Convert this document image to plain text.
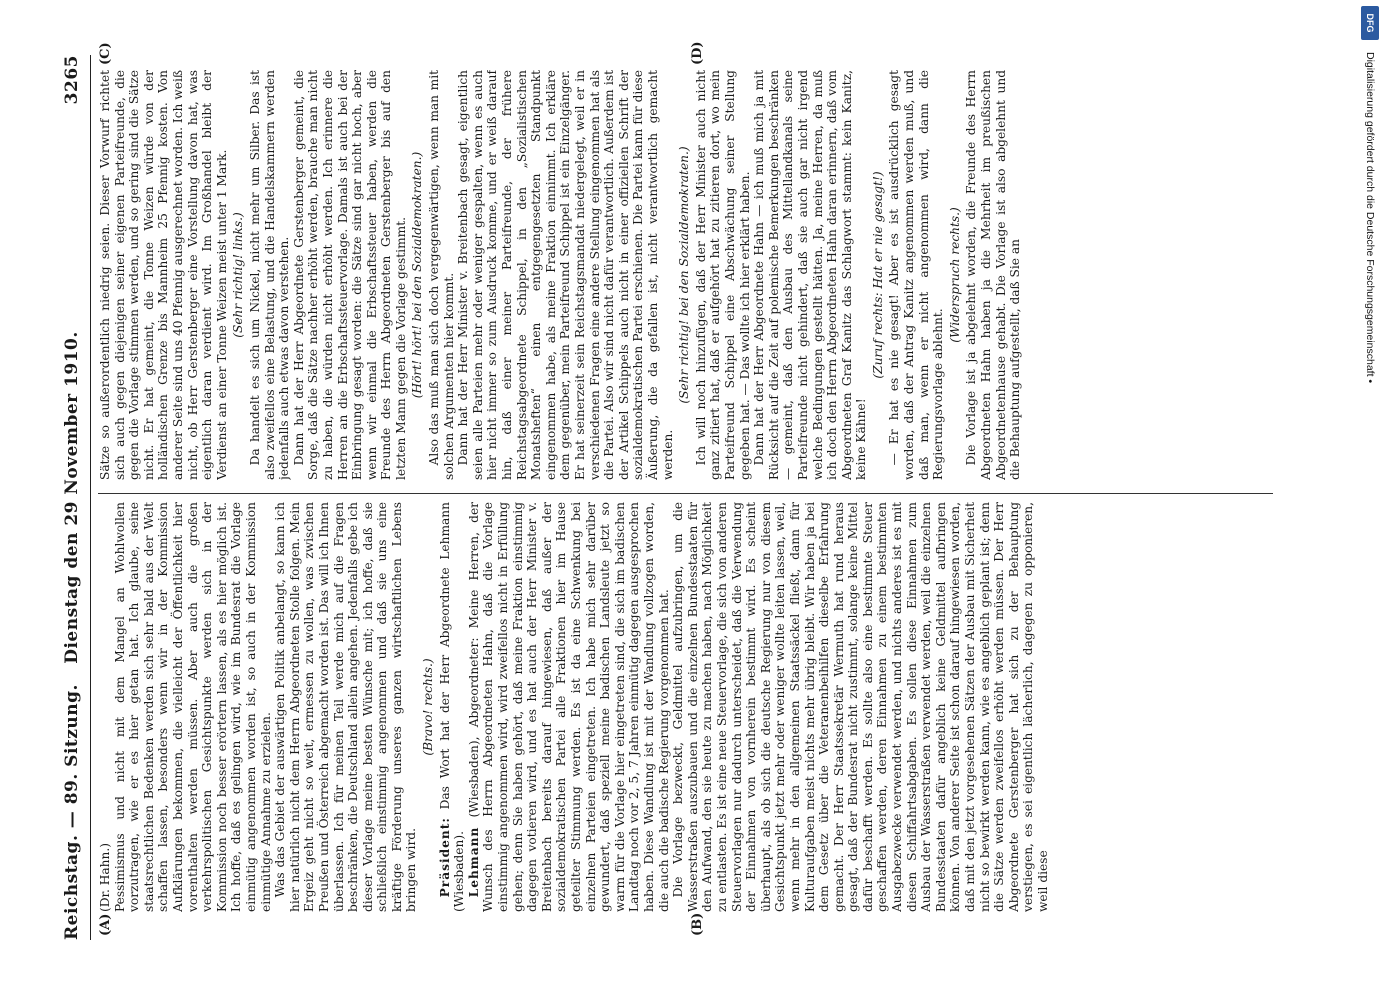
Reichstag. — 89. Sitzung.
Dienstag den 29 November 1910.
3265
(A)	(B)
(C)	(D)

(Dr. Hahn.) Pessimismus und nicht mit dem Mangel an Wohlwollen vorzutragen, wie er es hier getan hat. Ich glaube, seine staatsrechtlichen Bedenken werden sich sehr bald aus der Welt schaffen lassen, besonders wenn wir in der Kommission Aufklärungen bekommen, die vielleicht der Öffentlichkeit hier vorenthalten werden müssen. Aber auch die großen verkehrspolitischen Gesichtspunkte werden sich in der Kommission noch besser erörtern lassen, als es hier möglich ist. Ich hoffe, daß es gelingen wird, wie im Bundesrat die Vorlage einmütig angenommen worden ist, so auch in der Kommission einmütige Annahme zu erzielen. Was das Gebiet der auswärtigen Politik anbelangt, so kann ich hier natürlich nicht dem Herrn Abgeordneten Stolle folgen. Mein Ergeiz geht nicht so weit, ermessen zu wollen, was zwischen Preußen und Österreich abgemacht worden ist. Das will ich Ihnen überlassen. Ich für meinen Teil werde mich auf die Fragen beschränken, die Deutschland allein angehen. Jedenfalls gebe ich dieser Vorlage meine besten Wünsche mit; ich hoffe, daß sie schließlich einstimmig angenommen und daß sie uns eine kräftige Förderung unseres ganzen wirtschaftlichen Lebens bringen wird.

(Bravo! rechts.)

Präsident: Das Wort hat der Herr Abgeordnete Lehmann (Wiesbaden). Lehmann (Wiesbaden), Abgeordneter: Meine Herren, der Wunsch des Herrn Abgeordneten Hahn, daß die Vorlage einstimmig angenommen wird, wird zweifellos nicht in Erfüllung gehen; denn Sie haben gehört, daß meine Fraktion einstimmig dagegen votieren wird, und es hat auch der Herr Minister v. Breitenbach bereits darauf hingewiesen, daß außer der sozialdemokratischen Partei alle Fraktionen hier im Hause geteilter Stimmung werden. Es ist da eine Schwenkung bei einzelnen Parteien eingetreten. Ich habe mich sehr darüber gewundert, daß speziell meine badischen Landsleute jetzt so warm für die Vorlage hier eingetreten sind, die sich im badischen Landtag noch vor 2, 5, 7 Jahren einmütig dagegen ausgesprochen haben. Diese Wandlung ist mit der Wandlung vollzogen worden, die auch die badische Regierung vorgenommen hat. Die Vorlage bezweckt, Geldmittel aufzubringen, um die Wasserstraßen auszubauen und die einzelnen Bundesstaaten für den Aufwand, den sie heute zu machen haben, nach Möglichkeit zu entlasten. Es ist eine neue Steuervorlage, die sich von anderen Steuervorlagen nur dadurch unterscheidet, daß die Verwendung der Einnahmen von vornherein bestimmt wird. Es scheint überhaupt, als ob sich die deutsche Regierung nur von diesem Gesichtspunkt jetzt mehr oder weniger wollte leiten lassen, weil, wenn mehr in den allgemeinen Staatssäckel fließt, dann für Kulturaufgaben meist nichts mehr übrig bleibt. Wir haben ja bei dem Gesetz über die Veteranenbeihilfen dieselbe Erfahrung gemacht. Der Herr Staatssekretär Wermuth hat rund heraus gesagt, daß der Bundesrat nicht zustimmt, solange keine Mittel dafür beschafft werden. Es sollte also eine bestimmte Steuer geschaffen werden, deren Einnahmen zu einem bestimmten Ausgabezwecke verwendet werden, und nichts anderes ist es mit diesen Schiffahrtsabgaben. Es sollen diese Einnahmen zum Ausbau der Wasserstraßen verwendet werden, weil die einzelnen Bundesstaaten dafür angeblich keine Geldmittel aufbringen können. Von anderer Seite ist schon darauf hingewiesen worden, daß mit den jetzt vorgesehenen Sätzen der Ausbau mit Sicherheit nicht so bewirkt werden kann, wie es angeblich geplant ist; denn die Sätze werden zweifellos erhöht werden müssen. Der Herr Abgeordnete Gerstenberger hat sich zu der Behauptung verstiegen, es sei eigentlich lächerlich, dagegen zu opponieren, weil diese

Sätze so außerordentlich niedrig seien. Dieser Vorwurf richtet sich auch gegen diejenigen seiner eigenen Parteifreunde, die gegen die Vorlage stimmen werden, und so gering sind die Sätze nicht. Er hat gemeint, die Tonne Weizen würde von der holländischen Grenze bis Mannheim 25 Pfennig kosten. Von anderer Seite sind uns 40 Pfennig ausgerechnet worden. Ich weiß nicht, ob Herr Gerstenberger eine Vorstellung davon hat, was eigentlich daran verdient wird. Im Großhandel bleibt der Verdienst an einer Tonne Weizen meist unter 1 Mark. (Sehr richtig! links.) Da handelt es sich um Nickel, nicht mehr um Silber. Das ist also zweifellos eine Belastung, und die Handelskammern werden jedenfalls auch etwas davon verstehen. Dann hat der Herr Abgeordnete Gerstenberger gemeint, die Sorge, daß die Sätze nachher erhöht werden, brauche man nicht zu haben, die würden nicht erhöht werden. Ich erinnere die Herren an die Erbschaftssteuervorlage. Damals ist auch bei der Einbringung gesagt worden: die Sätze sind gar nicht hoch, aber wenn wir einmal die Erbschaftssteuer haben, werden die Freunde des Herrn Abgeordneten Gerstenberger bis auf den letzten Mann gegen die Vorlage gestimmt. (Hört! hört! bei den Sozialdemokraten.) Also das muß man sich doch vergegenwärtigen, wenn man mit solchen Argumenten hier kommt. Dann hat der Herr Minister v. Breitenbach gesagt, eigentlich seien alle Parteien mehr oder weniger gespalten, wenn es auch hier nicht immer so zum Ausdruck komme, und er weiß darauf hin, daß einer meiner Parteifreunde, der frühere Reichstagsabgeordnete Schippel, in den „Sozialistischen Monatsheften“ einen entgegengesetzten Standpunkt eingenommen habe, als meine Fraktion einnimmt. Ich erkläre dem gegenüber, mein Parteifreund Schippel ist ein Einzelgänger. Er hat seinerzeit sein Reichstagsmandat niedergelegt, weil er in verschiedenen Fragen eine andere Stellung eingenommen hat als die Partei. Also wir sind nicht dafür verantwortlich. Außerdem ist der Artikel Schippels auch nicht in einer offiziellen Schrift der sozialdemokratischen Partei erschienen. Die Partei kann für diese Äußerung, die da gefallen ist, nicht verantwortlich gemacht werden.

(Sehr richtig! bei den Sozialdemokraten.) Ich will noch hinzufügen, daß der Herr Minister auch nicht ganz zitiert hat, daß er aufgehört hat zu zitieren dort, wo mein Parteifreund Schippel eine Abschwächung seiner Stellung gegeben hat. — Das wollte ich hier erklärt haben. Dann hat der Herr Abgeordnete Hahn — ich muß mich ja mit Rücksicht auf die Zeit auf polemische Bemerkungen beschränken — gemeint, daß den Ausbau des Mittellandkanals seine Parteifreunde nicht gehindert, daß sie auch gar nicht irgend welche Bedingungen gestellt hätten. Ja, meine Herren, da muß ich doch den Herrn Abgeordneten Hahn daran erinnern, daß vom Abgeordneten Graf Kanitz das Schlagwort stammt: kein Kanitz, keine Kähne!

(Zuruf rechts: Hat er nie gesagt!) — Er hat es nie gesagt! Aber es ist ausdrücklich gesagt worden, daß der Antrag Kanitz angenommen werden muß, und daß man, wenn er nicht angenommen wird, dann die Regierungsvorlage ablehnt.

(Widerspruch rechts.) Die Vorlage ist ja abgelehnt worden, die Freunde des Herrn Abgeordneten Hahn haben ja die Mehrheit im preußischen Abgeordnetenhause gehabt. Die Vorlage ist also abgelehnt und die Behauptung aufgestellt, daß Sie an

DFG
Digitalisierung gefördert durch die Deutsche Forschungsgemeinschaft •
